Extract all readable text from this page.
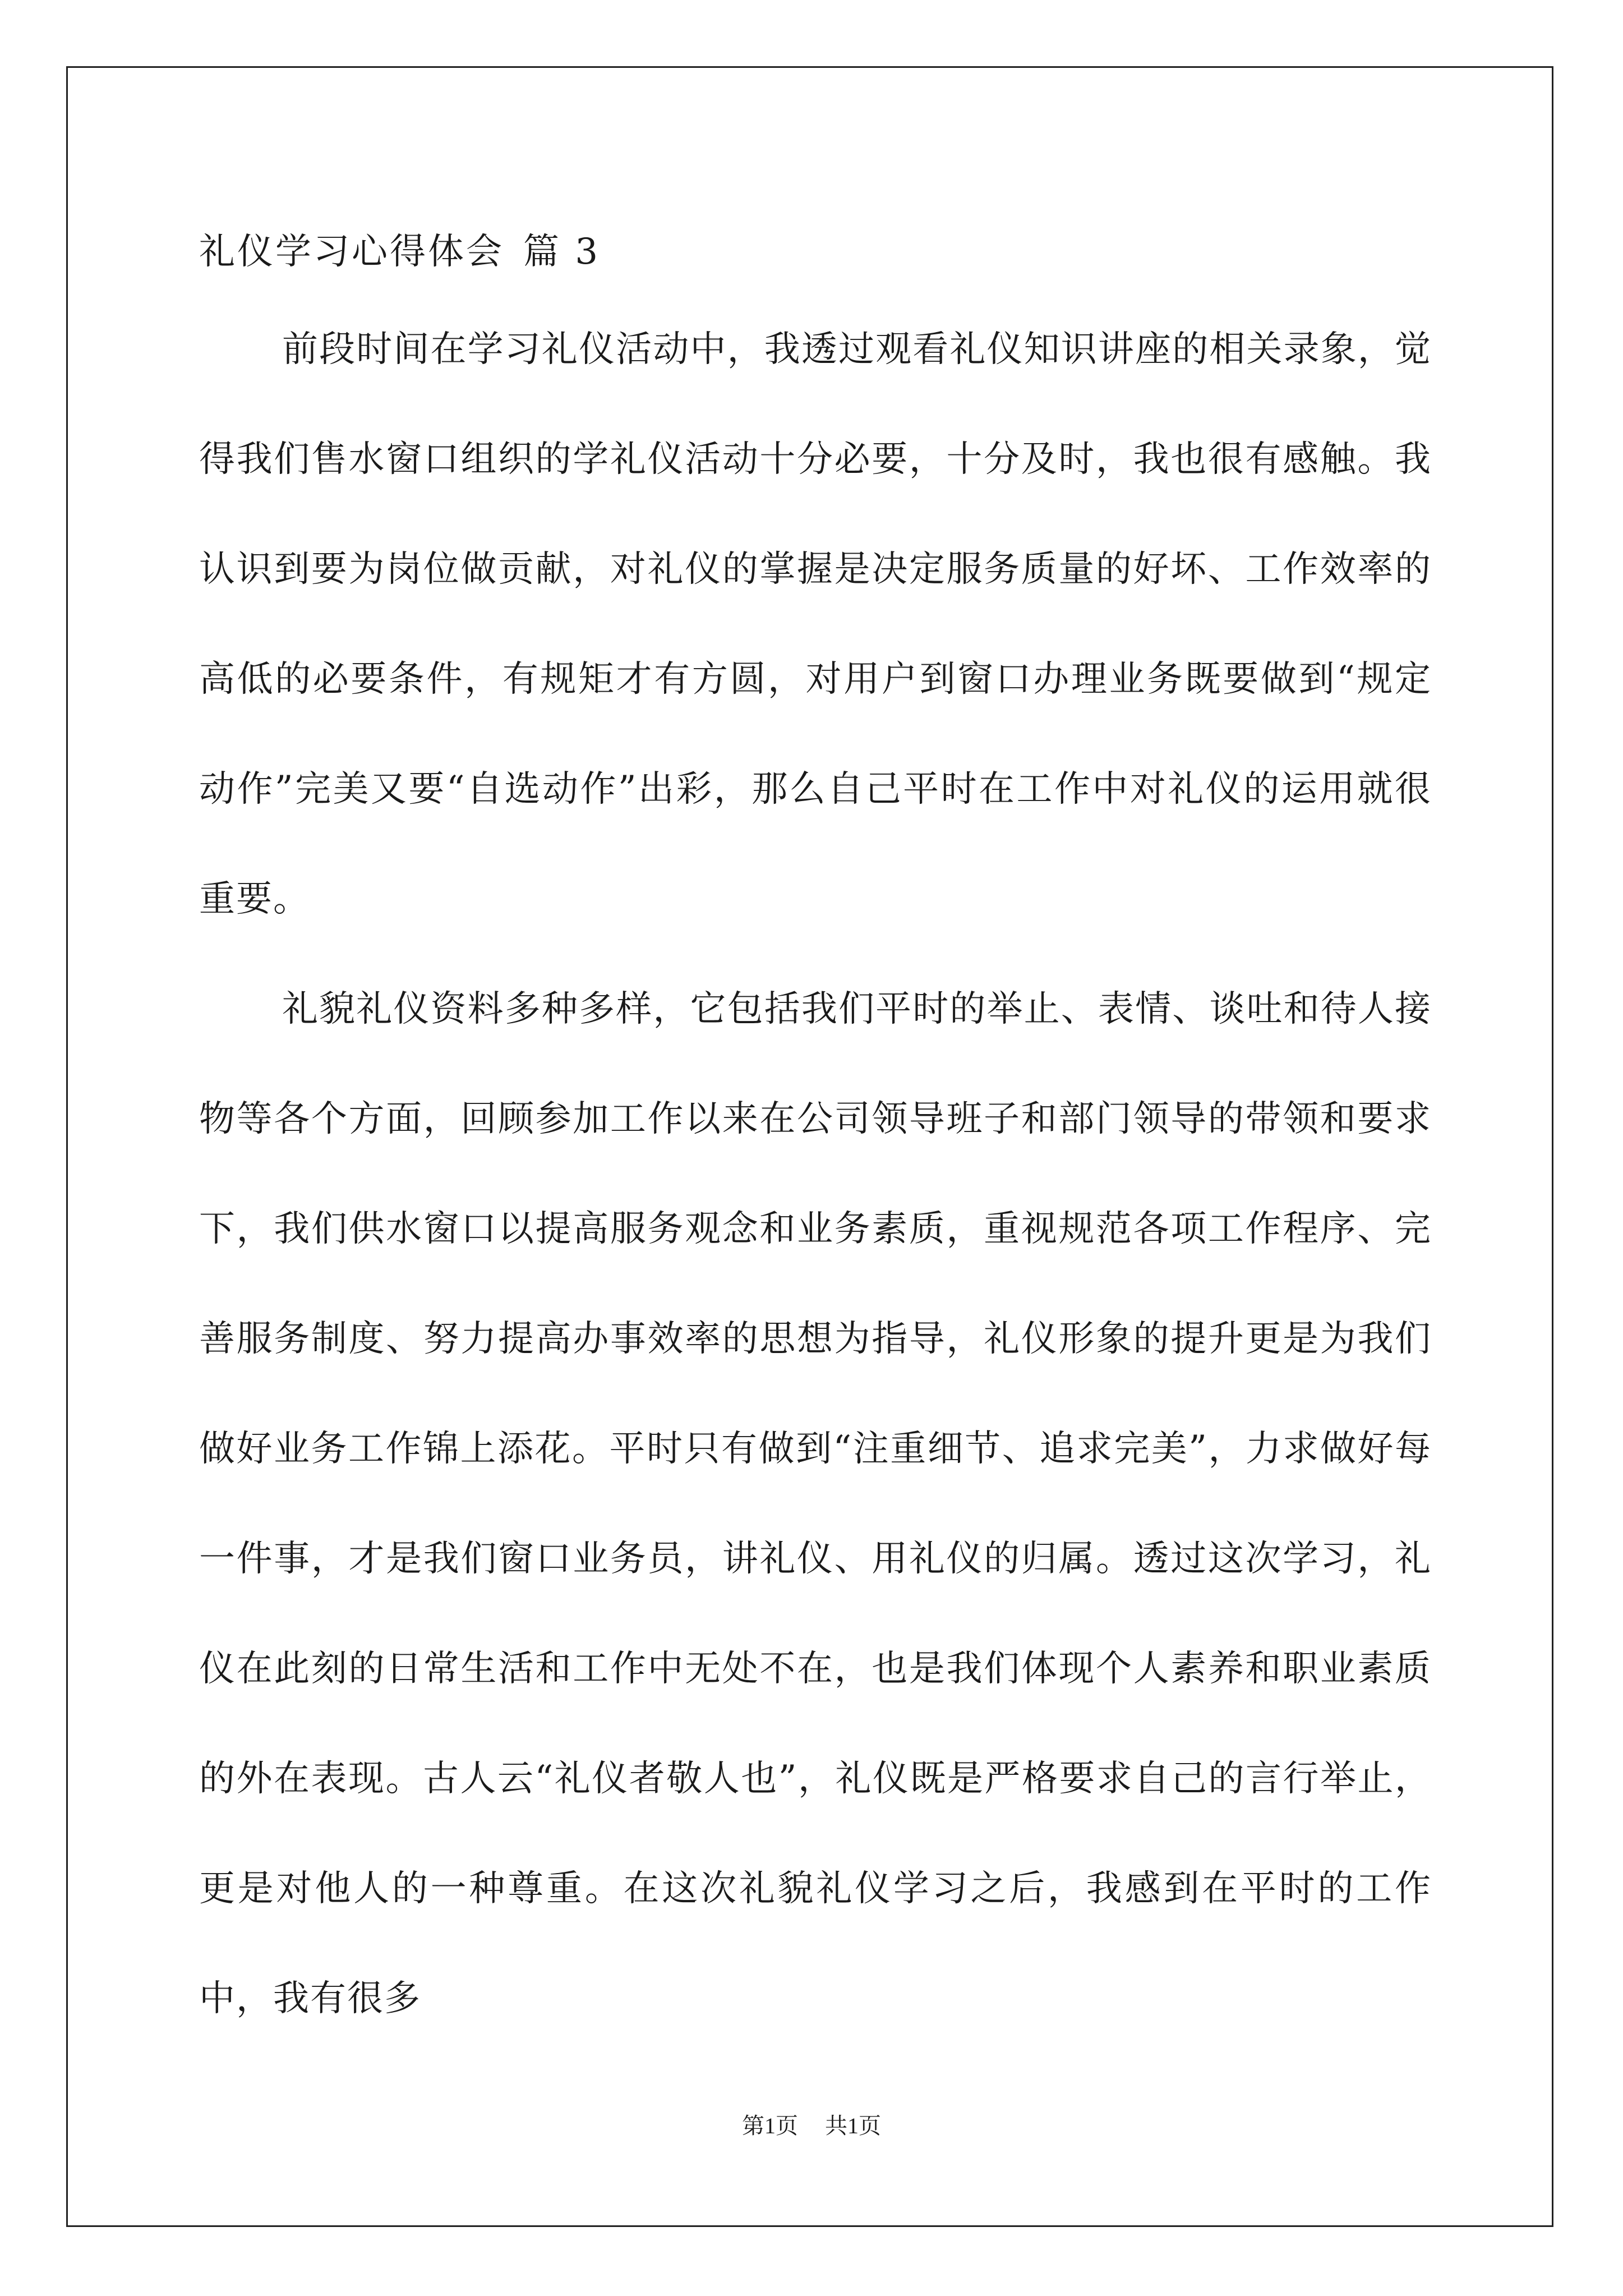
礼仪学习心得体会 篇 3

前段时间在学习礼仪活动中，我透过观看礼仪知识讲座的相关录象，觉得我们售水窗口组织的学礼仪活动十分必要，十分及时，我也很有感触。我认识到要为岗位做贡献，对礼仪的掌握是决定服务质量的好坏、工作效率的高低的必要条件，有规矩才有方圆，对用户到窗口办理业务既要做到“规定动作”完美又要“自选动作”出彩，那么自己平时在工作中对礼仪的运用就很重要。

礼貌礼仪资料多种多样，它包括我们平时的举止、表情、谈吐和待人接物等各个方面，回顾参加工作以来在公司领导班子和部门领导的带领和要求下，我们供水窗口以提高服务观念和业务素质，重视规范各项工作程序、完善服务制度、努力提高办事效率的思想为指导，礼仪形象的提升更是为我们做好业务工作锦上添花。平时只有做到“注重细节、追求完美”，力求做好每一件事，才是我们窗口业务员，讲礼仪、用礼仪的归属。透过这次学习，礼仪在此刻的日常生活和工作中无处不在，也是我们体现个人素养和职业素质的外在表现。古人云“礼仪者敬人也”，礼仪既是严格要求自己的言行举止，更是对他人的一种尊重。在这次礼貌礼仪学习之后，我感到在平时的工作中，我有很多

第1页 共1页
